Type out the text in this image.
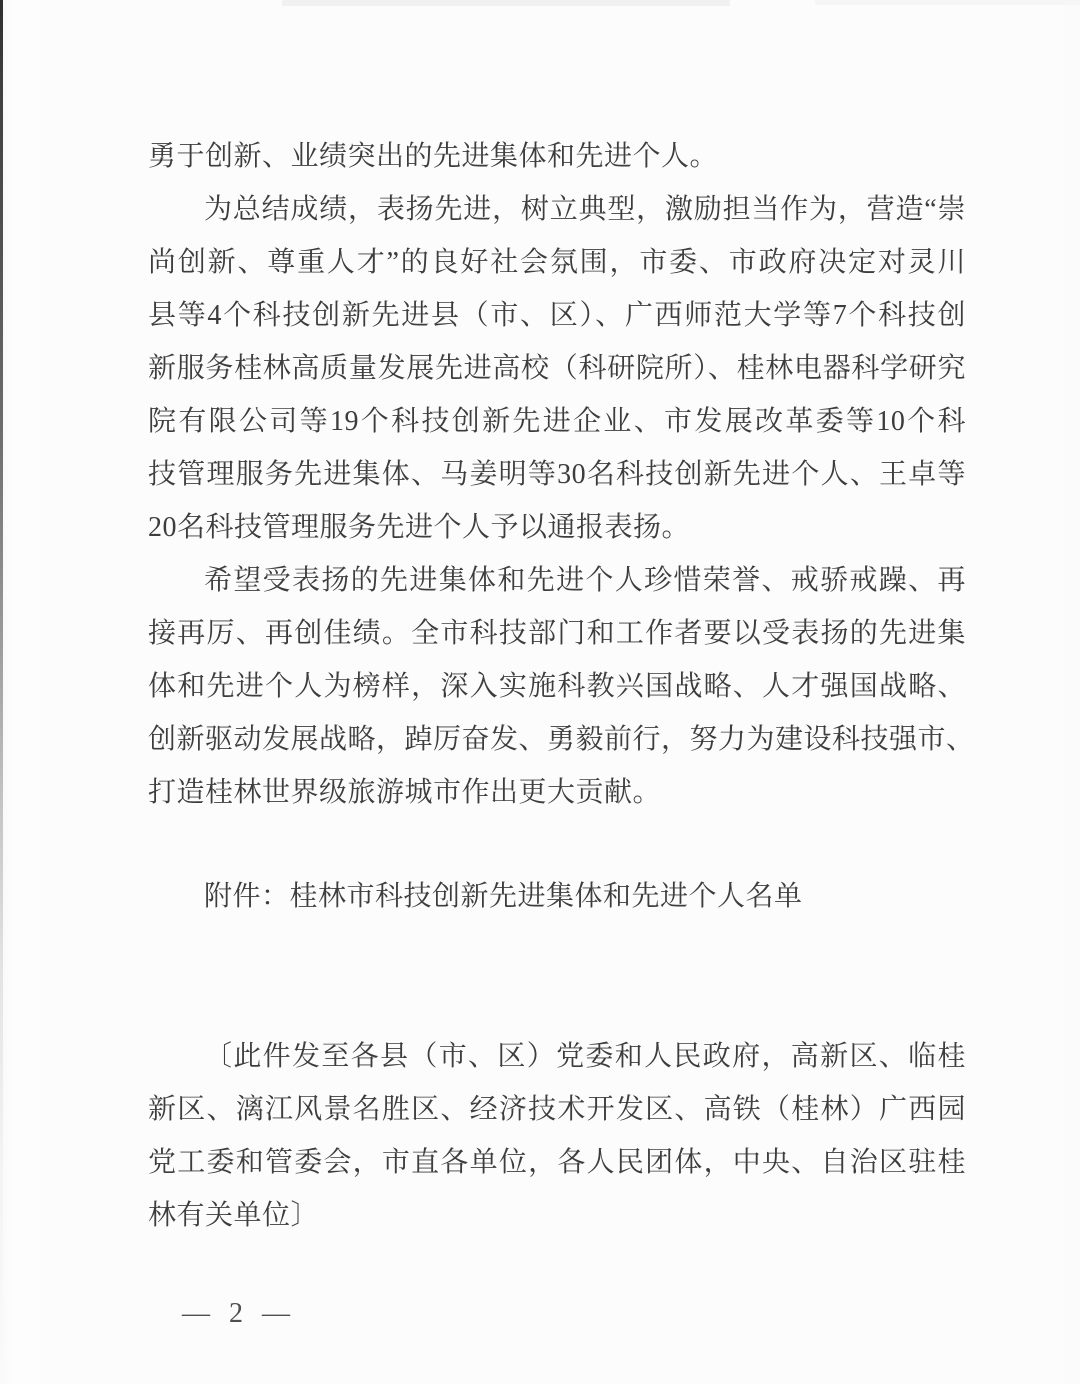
勇于创新、业绩突出的先进集体和先进个人。

为总结成绩，表扬先进，树立典型，激励担当作为，营造“崇

尚创新、尊重人才”的良好社会氛围，市委、市政府决定对灵川

县等4个科技创新先进县（市、区）、广西师范大学等7个科技创

新服务桂林高质量发展先进高校（科研院所）、桂林电器科学研究

院有限公司等19个科技创新先进企业、市发展改革委等10个科

技管理服务先进集体、马姜明等30名科技创新先进个人、王卓等

20名科技管理服务先进个人予以通报表扬。

希望受表扬的先进集体和先进个人珍惜荣誉、戒骄戒躁、再

接再厉、再创佳绩。全市科技部门和工作者要以受表扬的先进集

体和先进个人为榜样，深入实施科教兴国战略、人才强国战略、

创新驱动发展战略，踔厉奋发、勇毅前行，努力为建设科技强市、

打造桂林世界级旅游城市作出更大贡献。

附件：桂林市科技创新先进集体和先进个人名单

〔此件发至各县（市、区）党委和人民政府，高新区、临桂

新区、漓江风景名胜区、经济技术开发区、高铁（桂林）广西园

党工委和管委会，市直各单位，各人民团体，中央、自治区驻桂

林有关单位〕

— 2 —
